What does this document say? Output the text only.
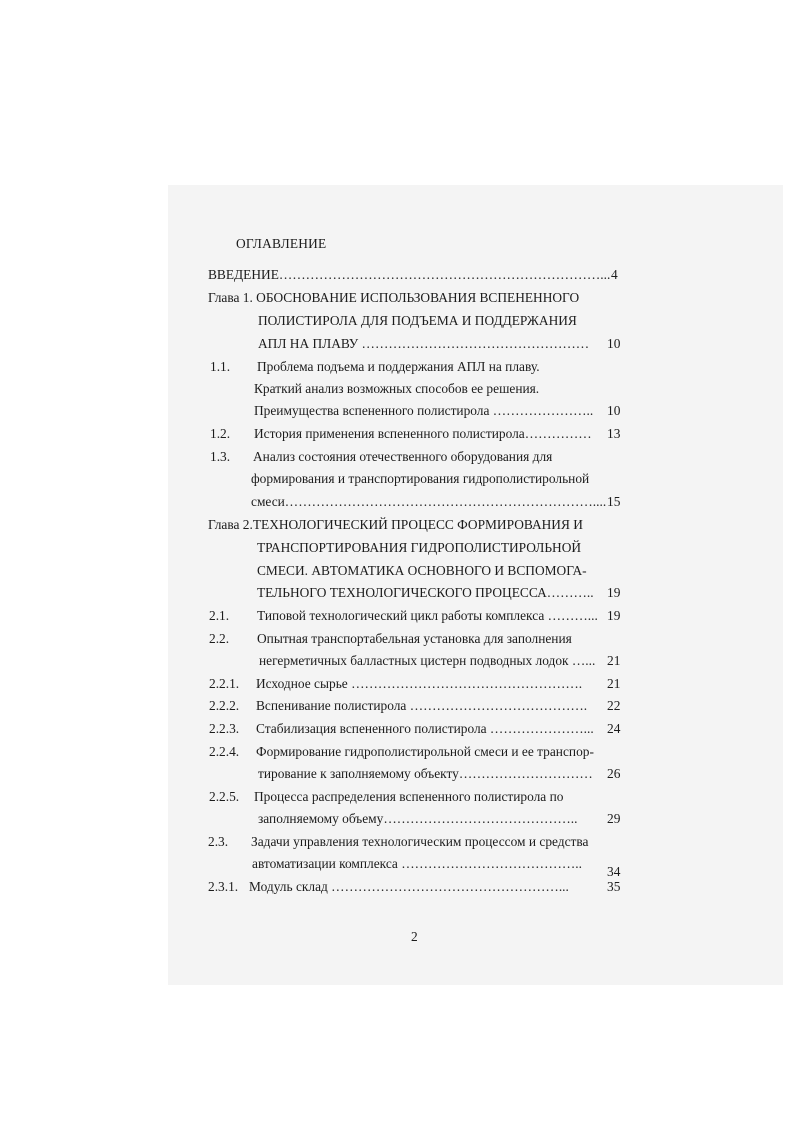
ОГЛАВЛЕНИЕ
ВВЕДЕНИЕ………………………………………………………………... 4
Глава 1. ОБОСНОВАНИЕ ИСПОЛЬЗОВАНИЯ ВСПЕНЕННОГО
ПОЛИСТИРОЛА ДЛЯ ПОДЪЕМА И ПОДДЕРЖАНИЯ
АПЛ НА ПЛАВУ …………………………………………… 10
1.1. Проблема подъема и поддержания АПЛ на плаву.
Краткий анализ возможных способов ее решения.
Преимущества вспененного полистирола ………………….. 10
1.2. История применения вспененного полистирола…………… 13
1.3. Анализ состояния отечественного оборудования для
формирования и транспортирования гидрополистирольной
смеси…………………………………………………………….... 15
Глава 2.ТЕХНОЛОГИЧЕСКИЙ ПРОЦЕСС ФОРМИРОВАНИЯ И
ТРАНСПОРТИРОВАНИЯ ГИДРОПОЛИСТИРОЛЬНОЙ
СМЕСИ. АВТОМАТИКА ОСНОВНОГО И ВСПОМОГА-
ТЕЛЬНОГО ТЕХНОЛОГИЧЕСКОГО ПРОЦЕССА……….. 19
2.1. Типовой технологический цикл работы комплекса ………... 19
2.2. Опытная транспортабельная установка для заполнения
негерметичных балластных цистерн подводных лодок …... 21
2.2.1. Исходное сырье ……………………………………………. 21
2.2.2. Вспенивание полистирола …………………………………. 22
2.2.3. Стабилизация вспененного полистирола …………………... 24
2.2.4. Формирование гидрополистирольной смеси и ее транспор-
тирование к заполняемому объекту………………………… 26
2.2.5. Процесса распределения вспененного полистирола по
заполняемому объему…………………………………….. 29
2.3. Задачи управления технологическим процессом и средства
автоматизации комплекса …………………………………..
34
2.3.1. Модуль склад ……………………………………………...	35
2
